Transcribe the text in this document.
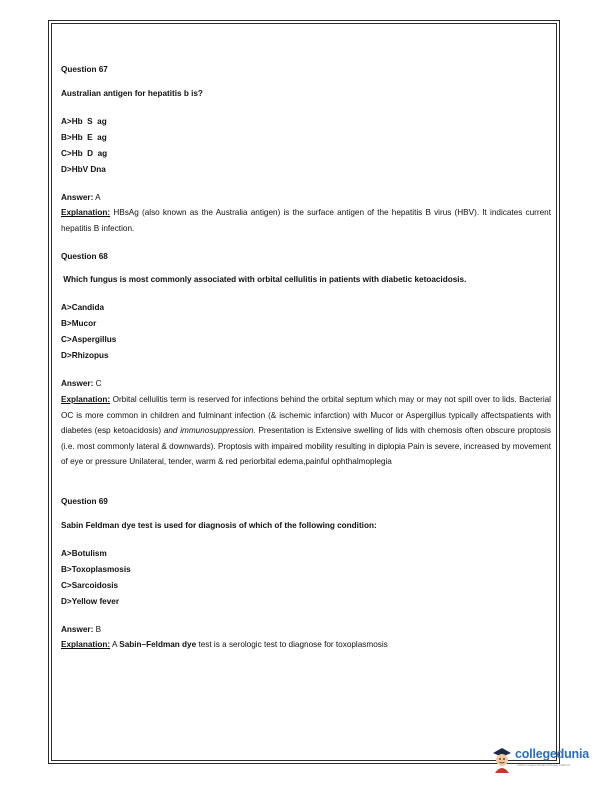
Question 67

Australian antigen for hepatitis b is?

A>Hb  S  ag

B>Hb  E  ag

C>Hb  D  ag

D>HbV Dna

Answer: A

Explanation: HBsAg (also known as the Australia antigen) is the surface antigen of the hepatitis B virus (HBV). It indicates current hepatitis B infection.

Question 68

Which fungus is most commonly associated with orbital cellulitis in patients with diabetic ketoacidosis.

A>Candida

B>Mucor

C>Aspergillus

D>Rhizopus

Answer: C

Explanation: Orbital cellulitis term is reserved for infections behind the orbital septum which may or may not spill over to lids. Bacterial OC is more common in children and fulminant infection (& ischemic infarction) with Mucor or Aspergillus typically affectspatients with diabetes (esp ketoacidosis) and immunosuppression. Presentation is Extensive swelling of lids with chemosis often obscure proptosis (i.e. most commonly lateral & downwards). Proptosis with impaired mobility resulting in diplopia Pain is severe, increased by movement of eye or pressure Unilateral, tender, warm & red periorbital edema,painful ophthalmoplegia

Question 69

Sabin Feldman dye test is used for diagnosis of which of the following condition:

A>Botulism

B>Toxoplasmosis

C>Sarcoidosis

D>Yellow fever

Answer: B

Explanation: A Sabin–Feldman dye test is a serologic test to diagnose for toxoplasmosis

collegedunia
India's Largest Student Review Platform
